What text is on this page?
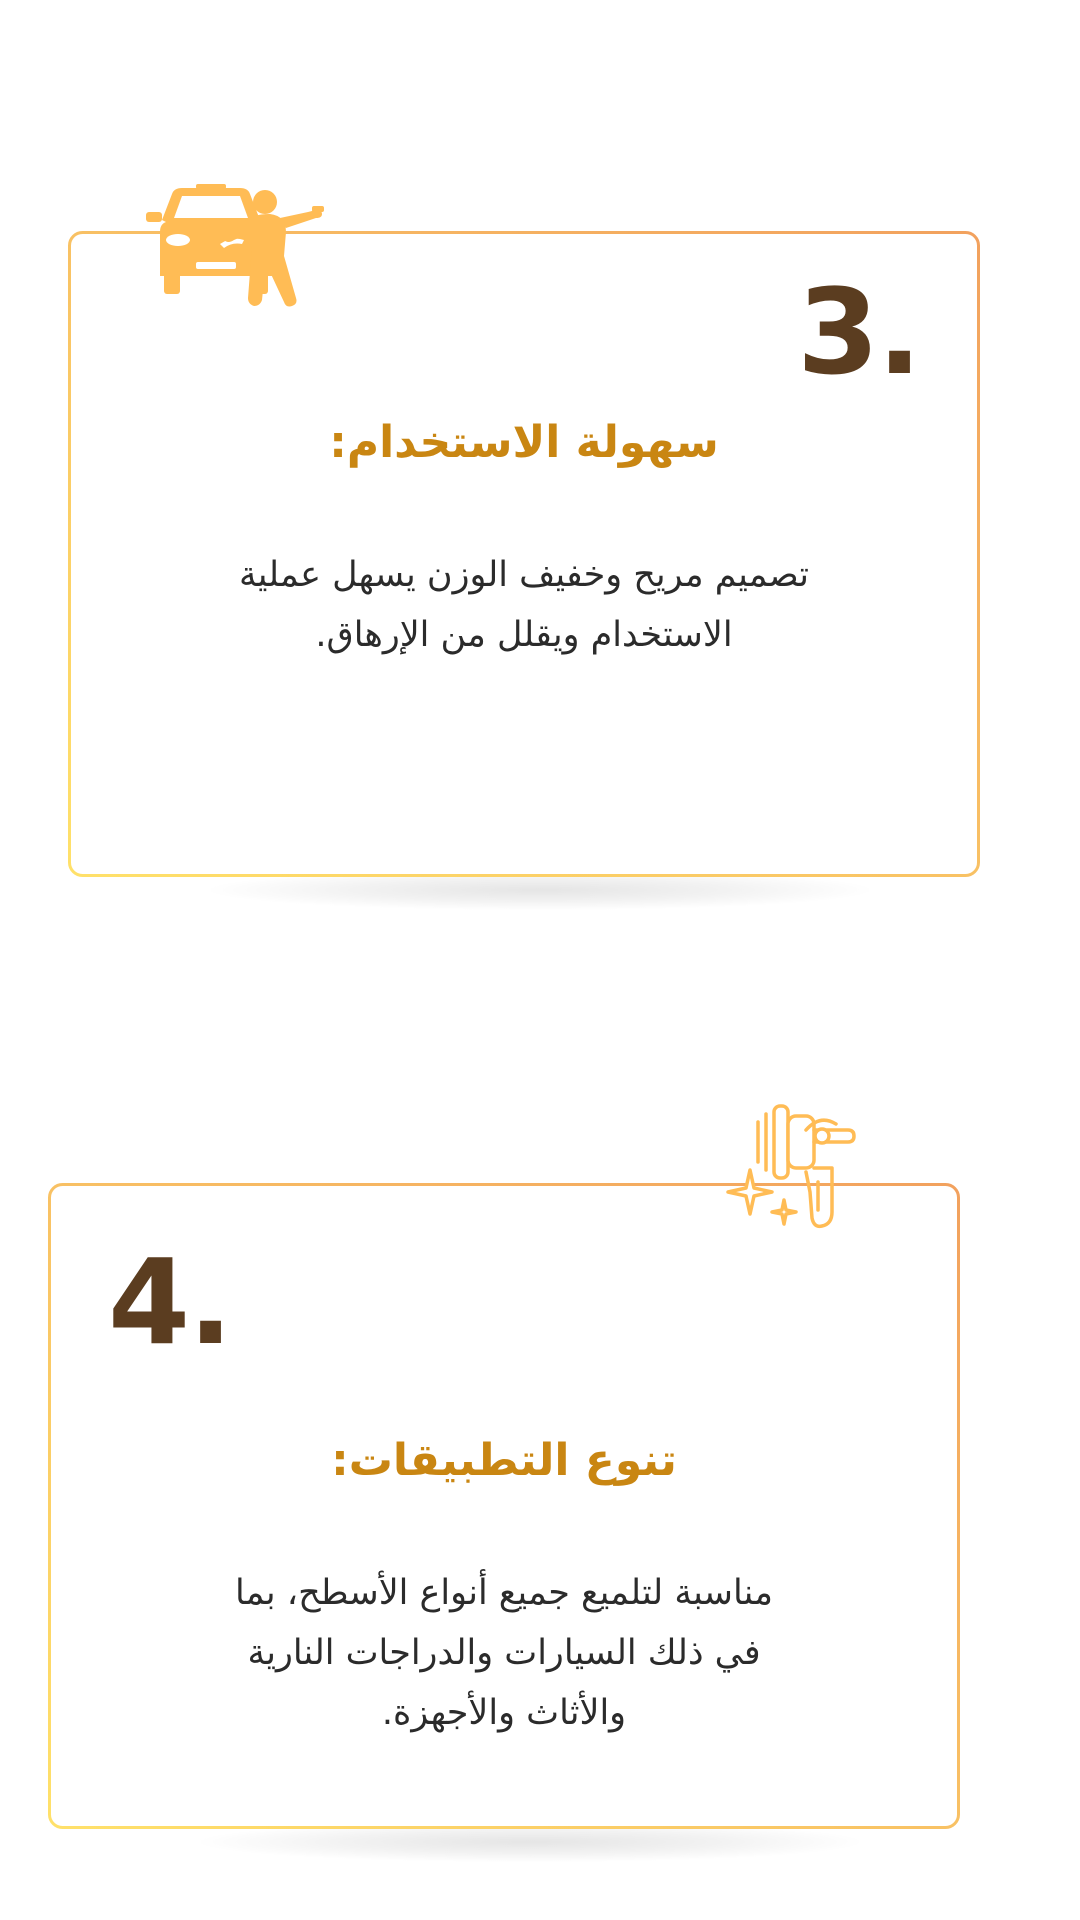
3.
سهولة الاستخدام:
تصميم مريح وخفيف الوزن يسهل عملية
الاستخدام ويقلل من الإرهاق.
4.
تنوع التطبيقات:
مناسبة لتلميع جميع أنواع الأسطح، بما
في ذلك السيارات والدراجات النارية
والأثاث والأجهزة.
